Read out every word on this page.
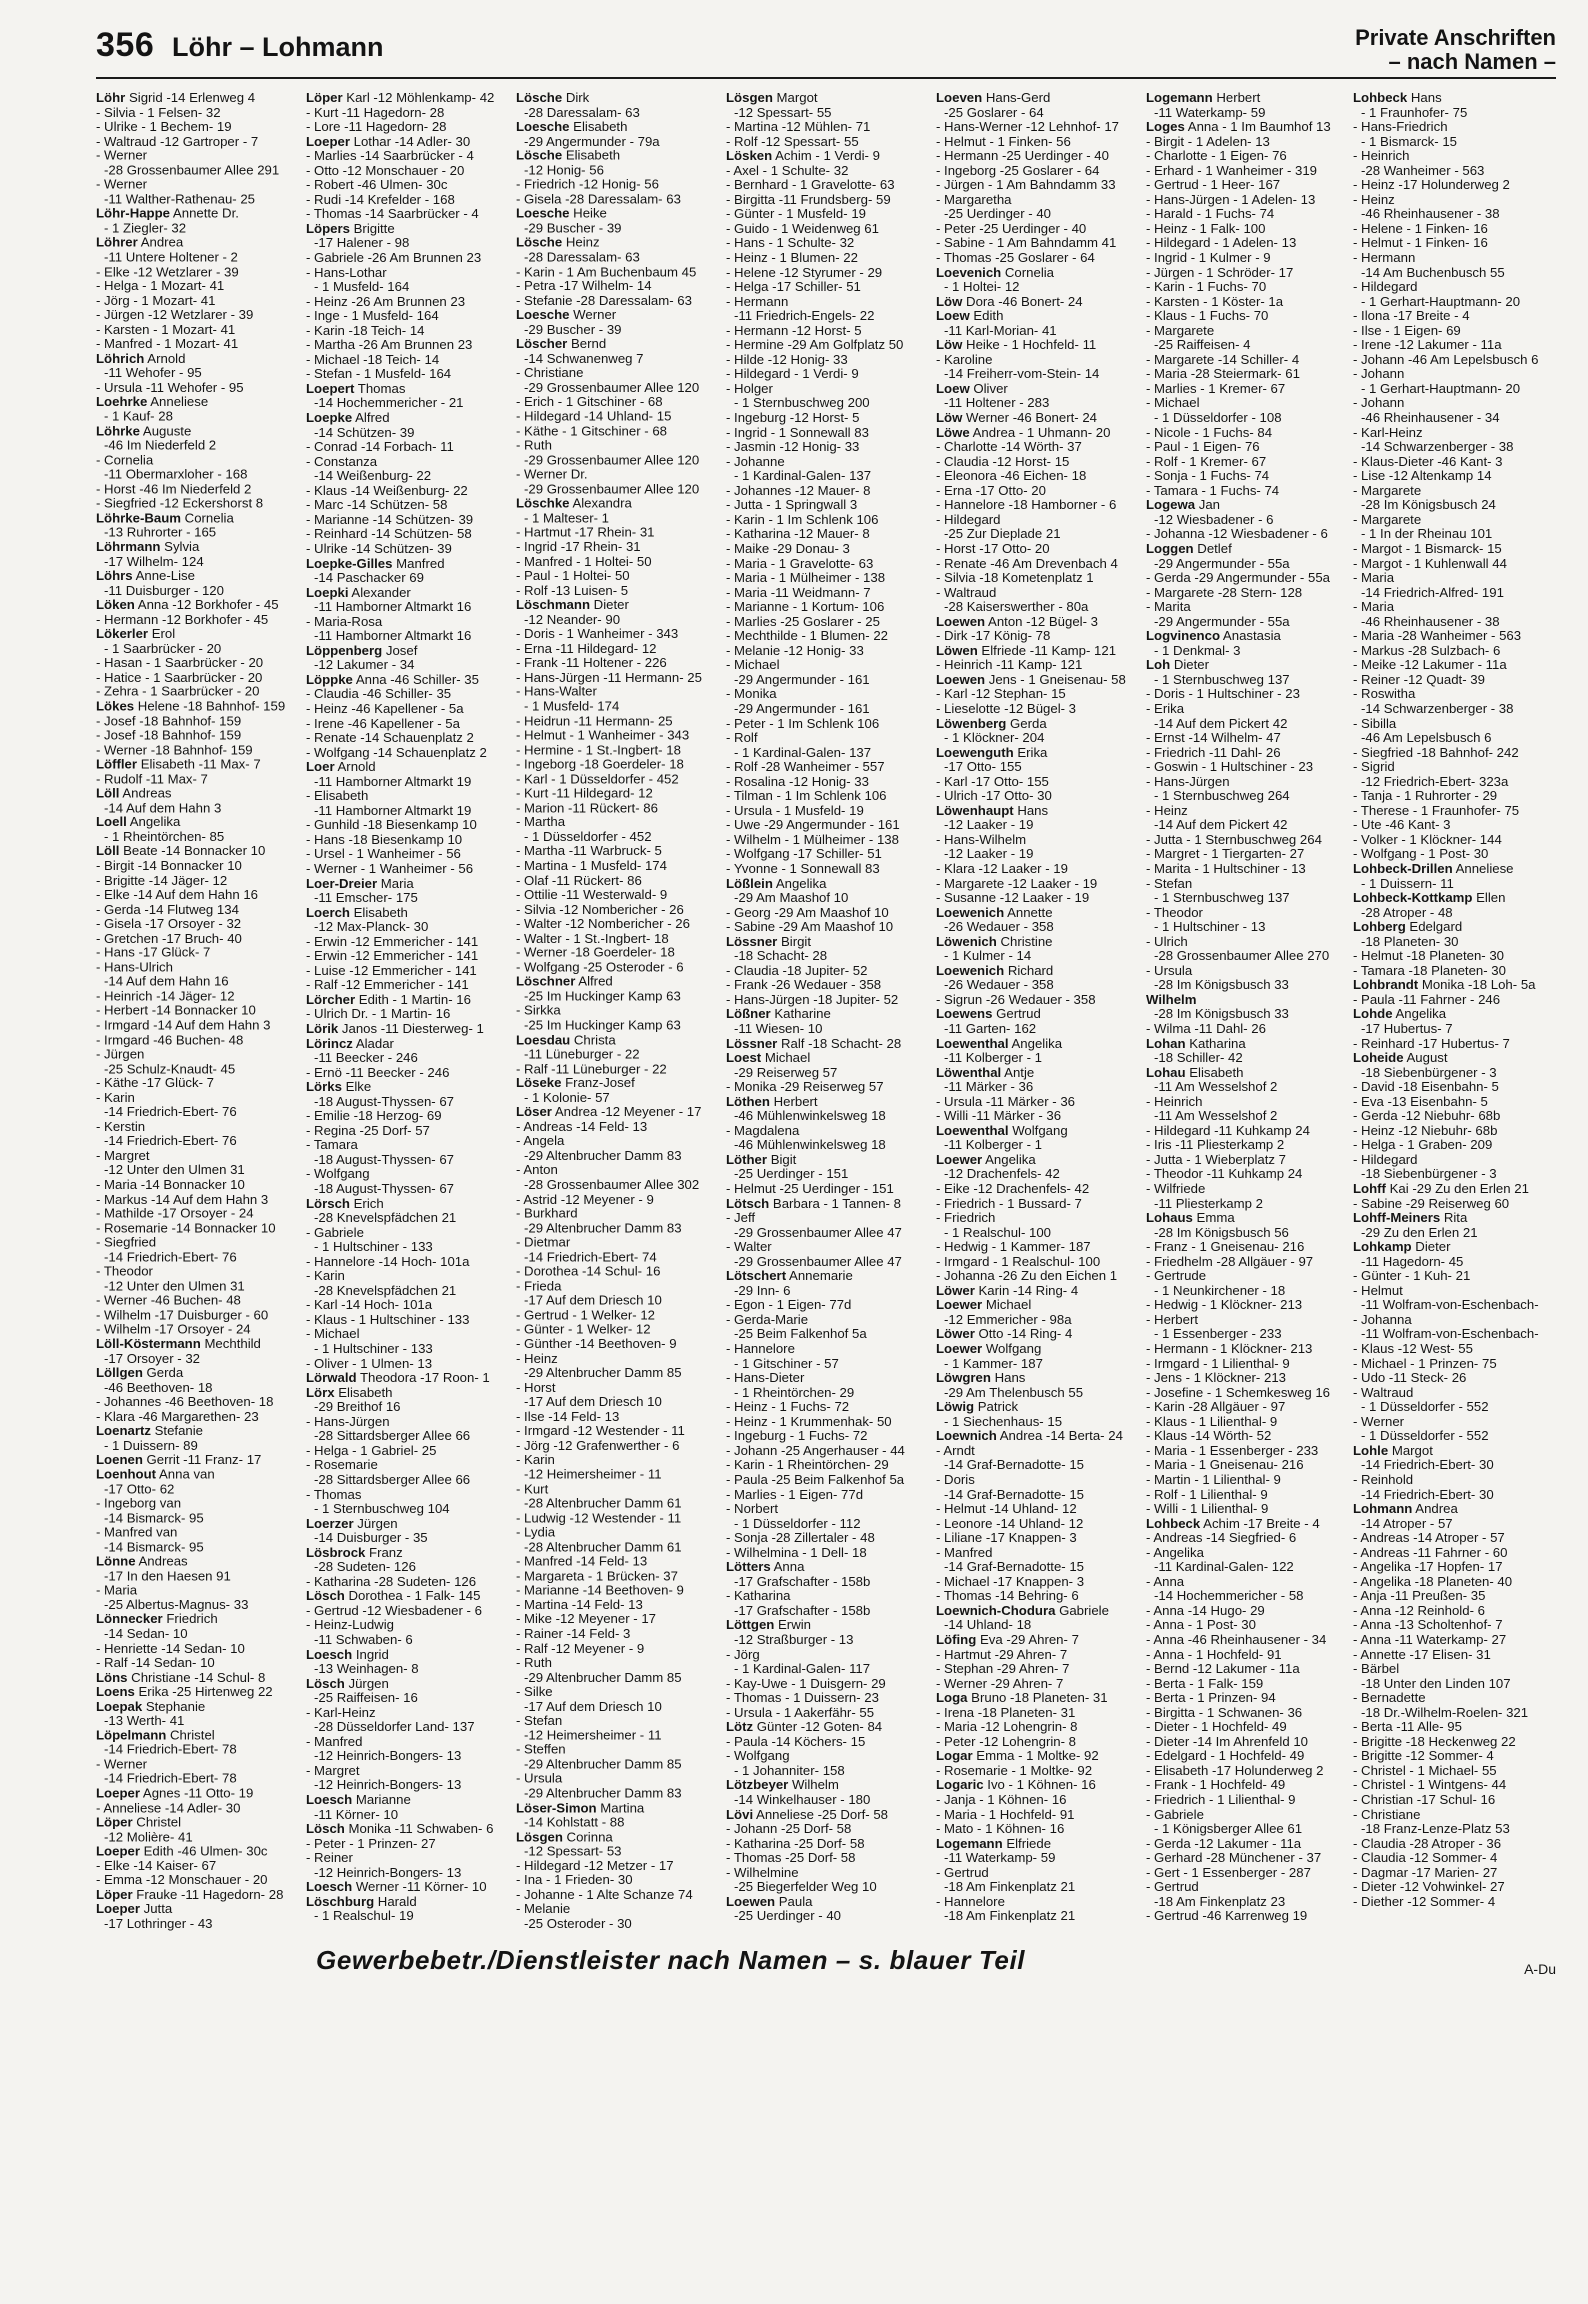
356 Löhr – Lohmann	Private Anschriften
– nach Namen –
Löhr Sigrid -14 Erlenweg 4
- Silvia - 1 Felsen- 32
- Ulrike - 1 Bechem- 19
- Waltraud -12 Gartroper - 7
- Werner
-28 Grossenbaumer Allee 291
- Werner
-11 Walther-Rathenau- 25
Löhr-Happe Annette Dr.
- 1 Ziegler- 32
Löhrer Andrea
-11 Untere Holtener - 2
- Elke -12 Wetzlarer - 39
- Helga - 1 Mozart- 41
- Jörg - 1 Mozart- 41
- Jürgen -12 Wetzlarer - 39
- Karsten - 1 Mozart- 41
- Manfred - 1 Mozart- 41
Löhrich Arnold
-11 Wehofer - 95
- Ursula -11 Wehofer - 95
Loehrke Anneliese
- 1 Kauf- 28
Löhrke Auguste
-46 Im Niederfeld 2
- Cornelia
-11 Obermarxloher - 168
- Horst -46 Im Niederfeld 2
- Siegfried -12 Eckershorst 8
Löhrke-Baum Cornelia
-13 Ruhrorter - 165
Löhrmann Sylvia
-17 Wilhelm- 124
Löhrs Anne-Lise
-11 Duisburger - 120
Löken Anna -12 Borkhofer - 45
- Hermann -12 Borkhofer - 45
Lökerler Erol
- 1 Saarbrücker - 20
- Hasan - 1 Saarbrücker - 20
- Hatice - 1 Saarbrücker - 20
- Zehra - 1 Saarbrücker - 20
Lökes Helene -18 Bahnhof- 159
- Josef -18 Bahnhof- 159
- Josef -18 Bahnhof- 159
- Werner -18 Bahnhof- 159
Löffler Elisabeth -11 Max- 7
- Rudolf -11 Max- 7
Löll Andreas
-14 Auf dem Hahn 3
Loell Angelika
- 1 Rheintörchen- 85
Löll Beate -14 Bonnacker 10
- Birgit -14 Bonnacker 10
- Brigitte -14 Jäger- 12
- Elke -14 Auf dem Hahn 16
- Gerda -14 Flutweg 134
- Gisela -17 Orsoyer - 32
- Gretchen -17 Bruch- 40
- Hans -17 Glück- 7
- Hans-Ulrich
-14 Auf dem Hahn 16
- Heinrich -14 Jäger- 12
- Herbert -14 Bonnacker 10
- Irmgard -14 Auf dem Hahn 3
- Irmgard -46 Buchen- 48
- Jürgen
-25 Schulz-Knaudt- 45
- Käthe -17 Glück- 7
- Karin
-14 Friedrich-Ebert- 76
- Kerstin
-14 Friedrich-Ebert- 76
- Margret
-12 Unter den Ulmen 31
- Maria -14 Bonnacker 10
- Markus -14 Auf dem Hahn 3
- Mathilde -17 Orsoyer - 24
- Rosemarie -14 Bonnacker 10
- Siegfried
-14 Friedrich-Ebert- 76
- Theodor
-12 Unter den Ulmen 31
- Werner -46 Buchen- 48
- Wilhelm -17 Duisburger - 60
- Wilhelm -17 Orsoyer - 24
Löll-Köstermann Mechthild
-17 Orsoyer - 32
Löllgen Gerda
-46 Beethoven- 18
- Johannes -46 Beethoven- 18
- Klara -46 Margarethen- 23
Loenartz Stefanie
- 1 Duissern- 89
Loenen Gerrit -11 Franz- 17
Loenhout Anna van
-17 Otto- 62
- Ingeborg van
-14 Bismarck- 95
- Manfred van
-14 Bismarck- 95
Lönne Andreas
-17 In den Haesen 91
- Maria
-25 Albertus-Magnus- 33
Lönnecker Friedrich
-14 Sedan- 10
- Henriette -14 Sedan- 10
- Ralf -14 Sedan- 10
Löns Christiane -14 Schul- 8
Loens Erika -25 Hirtenweg 22
Loepak Stephanie
-13 Werth- 41
Löpelmann Christel
-14 Friedrich-Ebert- 78
- Werner
-14 Friedrich-Ebert- 78
Loeper Agnes -11 Otto- 19
- Anneliese -14 Adler- 30
Löper Christel
-12 Molière- 41
Loeper Edith -46 Ulmen- 30c
- Elke -14 Kaiser- 67
- Emma -12 Monschauer - 20
Löper Frauke -11 Hagedorn- 28
Loeper Jutta
-17 Lothringer - 43
Löper Karl -12 Möhlenkamp- 42
- Kurt -11 Hagedorn- 28
- Lore -11 Hagedorn- 28
Loeper Lothar -14 Adler- 30
- Marlies -14 Saarbrücker - 4
- Otto -12 Monschauer - 20
- Robert -46 Ulmen- 30c
- Rudi -14 Krefelder - 168
- Thomas -14 Saarbrücker - 4
Löpers Brigitte
-17 Halener - 98
- Gabriele -26 Am Brunnen 23
- Hans-Lothar
- 1 Musfeld- 164
- Heinz -26 Am Brunnen 23
- Inge - 1 Musfeld- 164
- Karin -18 Teich- 14
- Martha -26 Am Brunnen 23
- Michael -18 Teich- 14
- Stefan - 1 Musfeld- 164
Loepert Thomas
-14 Hochemmericher - 21
Loepke Alfred
-14 Schützen- 39
- Conrad -14 Forbach- 11
- Constanza
-14 Weißenburg- 22
- Klaus -14 Weißenburg- 22
- Marc -14 Schützen- 58
- Marianne -14 Schützen- 39
- Reinhard -14 Schützen- 58
- Ulrike -14 Schützen- 39
Loepke-Gilles Manfred
-14 Paschacker 69
Loepki Alexander
-11 Hamborner Altmarkt 16
- Maria-Rosa
-11 Hamborner Altmarkt 16
Löppenberg Josef
-12 Lakumer - 34
Löppke Anna -46 Schiller- 35
- Claudia -46 Schiller- 35
- Heinz -46 Kapellener - 5a
- Irene -46 Kapellener - 5a
- Renate -14 Schauenplatz 2
- Wolfgang -14 Schauenplatz 2
Loer Arnold
-11 Hamborner Altmarkt 19
- Elisabeth
-11 Hamborner Altmarkt 19
- Gunhild -18 Biesenkamp 10
- Hans -18 Biesenkamp 10
- Ursel - 1 Wanheimer - 56
- Werner - 1 Wanheimer - 56
Loer-Dreier Maria
-11 Emscher- 175
Loerch Elisabeth
-12 Max-Planck- 30
- Erwin -12 Emmericher - 141
- Erwin -12 Emmericher - 141
- Luise -12 Emmericher - 141
- Ralf -12 Emmericher - 141
Lörcher Edith - 1 Martin- 16
- Ulrich Dr. - 1 Martin- 16
Lörik Janos -11 Diesterweg- 1
Lörincz Aladar
-11 Beecker - 246
- Ernö -11 Beecker - 246
Lörks Elke
-18 August-Thyssen- 67
- Emilie -18 Herzog- 69
- Regina -25 Dorf- 57
- Tamara
-18 August-Thyssen- 67
- Wolfgang
-18 August-Thyssen- 67
Lörsch Erich
-28 Knevelspfädchen 21
- Gabriele
- 1 Hultschiner - 133
- Hannelore -14 Hoch- 101a
- Karin
-28 Knevelspfädchen 21
- Karl -14 Hoch- 101a
- Klaus - 1 Hultschiner - 133
- Michael
- 1 Hultschiner - 133
- Oliver - 1 Ulmen- 13
Lörwald Theodora -17 Roon- 1
Lörx Elisabeth
-29 Breithof 16
- Hans-Jürgen
-28 Sittardsberger Allee 66
- Helga - 1 Gabriel- 25
- Rosemarie
-28 Sittardsberger Allee 66
- Thomas
- 1 Sternbuschweg 104
Loerzer Jürgen
-14 Duisburger - 35
Lösbrock Franz
-28 Sudeten- 126
- Katharina -28 Sudeten- 126
Lösch Dorothea - 1 Falk- 145
- Gertrud -12 Wiesbadener - 6
- Heinz-Ludwig
-11 Schwaben- 6
Loesch Ingrid
-13 Weinhagen- 8
Lösch Jürgen
-25 Raiffeisen- 16
- Karl-Heinz
-28 Düsseldorfer Land- 137
- Manfred
-12 Heinrich-Bongers- 13
- Margret
-12 Heinrich-Bongers- 13
Loesch Marianne
-11 Körner- 10
Lösch Monika -11 Schwaben- 6
- Peter - 1 Prinzen- 27
- Reiner
-12 Heinrich-Bongers- 13
Loesch Werner -11 Körner- 10
Löschburg Harald
- 1 Realschul- 19
Lösche Dirk
-28 Daressalam- 63
Loesche Elisabeth
-29 Angermunder - 79a
Lösche Elisabeth
-12 Honig- 56
- Friedrich -12 Honig- 56
- Gisela -28 Daressalam- 63
Loesche Heike
-29 Buscher - 39
Lösche Heinz
-28 Daressalam- 63
- Karin - 1 Am Buchenbaum 45
- Petra -17 Wilhelm- 14
- Stefanie -28 Daressalam- 63
Loesche Werner
-29 Buscher - 39
Löscher Bernd
-14 Schwanenweg 7
- Christiane
-29 Grossenbaumer Allee 120
- Erich - 1 Gitschiner - 68
- Hildegard -14 Uhland- 15
- Käthe - 1 Gitschiner - 68
- Ruth
-29 Grossenbaumer Allee 120
- Werner Dr.
-29 Grossenbaumer Allee 120
Löschke Alexandra
- 1 Malteser- 1
- Hartmut -17 Rhein- 31
- Ingrid -17 Rhein- 31
- Manfred - 1 Holtei- 50
- Paul - 1 Holtei- 50
- Rolf -13 Luisen- 5
Löschmann Dieter
-12 Neander- 90
- Doris - 1 Wanheimer - 343
- Erna -11 Hildegard- 12
- Frank -11 Holtener - 226
- Hans-Jürgen -11 Hermann- 25
- Hans-Walter
- 1 Musfeld- 174
- Heidrun -11 Hermann- 25
- Helmut - 1 Wanheimer - 343
- Hermine - 1 St.-Ingbert- 18
- Ingeborg -18 Goerdeler- 18
- Karl - 1 Düsseldorfer - 452
- Kurt -11 Hildegard- 12
- Marion -11 Rückert- 86
- Martha
- 1 Düsseldorfer - 452
- Martha -11 Warbruck- 5
- Martina - 1 Musfeld- 174
- Olaf -11 Rückert- 86
- Ottilie -11 Westerwald- 9
- Silvia -12 Nombericher - 26
- Walter -12 Nombericher - 26
- Walter - 1 St.-Ingbert- 18
- Werner -18 Goerdeler- 18
- Wolfgang -25 Osteroder - 6
Löschner Alfred
-25 Im Huckinger Kamp 63
- Sirkka
-25 Im Huckinger Kamp 63
Loesdau Christa
-11 Lüneburger - 22
- Ralf -11 Lüneburger - 22
Löseke Franz-Josef
- 1 Kolonie- 57
Löser Andrea -12 Meyener - 17
- Andreas -14 Feld- 13
- Angela
-29 Altenbrucher Damm 83
- Anton
-28 Grossenbaumer Allee 302
- Astrid -12 Meyener - 9
- Burkhard
-29 Altenbrucher Damm 83
- Dietmar
-14 Friedrich-Ebert- 74
- Dorothea -14 Schul- 16
- Frieda
-17 Auf dem Driesch 10
- Gertrud - 1 Welker- 12
- Günter - 1 Welker- 12
- Günther -14 Beethoven- 9
- Heinz
-29 Altenbrucher Damm 85
- Horst
-17 Auf dem Driesch 10
- Ilse -14 Feld- 13
- Irmgard -12 Westender - 11
- Jörg -12 Grafenwerther - 6
- Karin
-12 Heimersheimer - 11
- Kurt
-28 Altenbrucher Damm 61
- Ludwig -12 Westender - 11
- Lydia
-28 Altenbrucher Damm 61
- Manfred -14 Feld- 13
- Margareta - 1 Brücken- 37
- Marianne -14 Beethoven- 9
- Martina -14 Feld- 13
- Mike -12 Meyener - 17
- Rainer -14 Feld- 3
- Ralf -12 Meyener - 9
- Ruth
-29 Altenbrucher Damm 85
- Silke
-17 Auf dem Driesch 10
- Stefan
-12 Heimersheimer - 11
- Steffen
-29 Altenbrucher Damm 85
- Ursula
-29 Altenbrucher Damm 83
Löser-Simon Martina
-14 Kohlstatt - 88
Lösgen Corinna
-12 Spessart- 53
- Hildegard -12 Metzer - 17
- Ina - 1 Frieden- 30
- Johanne - 1 Alte Schanze 74
- Melanie
-25 Osteroder - 30
Lösgen Margot
-12 Spessart- 55
- Martina -12 Mühlen- 71
- Rolf -12 Spessart- 55
Lösken Achim - 1 Verdi- 9
- Axel - 1 Schulte- 32
- Bernhard - 1 Gravelotte- 63
- Birgitta -11 Frundsberg- 59
- Günter - 1 Musfeld- 19
- Guido - 1 Weidenweg 61
- Hans - 1 Schulte- 32
- Heinz - 1 Blumen- 22
- Helene -12 Styrumer - 29
- Helga -17 Schiller- 51
- Hermann
-11 Friedrich-Engels- 22
- Hermann -12 Horst- 5
- Hermine -29 Am Golfplatz 50
- Hilde -12 Honig- 33
- Hildegard - 1 Verdi- 9
- Holger
- 1 Sternbuschweg 200
- Ingeburg -12 Horst- 5
- Ingrid - 1 Sonnewall 83
- Jasmin -12 Honig- 33
- Johanne
- 1 Kardinal-Galen- 137
- Johannes -12 Mauer- 8
- Jutta - 1 Springwall 3
- Karin - 1 Im Schlenk 106
- Katharina -12 Mauer- 8
- Maike -29 Donau- 3
- Maria - 1 Gravelotte- 63
- Maria - 1 Mülheimer - 138
- Maria -11 Weidmann- 7
- Marianne - 1 Kortum- 106
- Marlies -25 Goslarer - 25
- Mechthilde - 1 Blumen- 22
- Melanie -12 Honig- 33
- Michael
-29 Angermunder - 161
- Monika
-29 Angermunder - 161
- Peter - 1 Im Schlenk 106
- Rolf
- 1 Kardinal-Galen- 137
- Rolf -28 Wanheimer - 557
- Rosalina -12 Honig- 33
- Tilman - 1 Im Schlenk 106
- Ursula - 1 Musfeld- 19
- Uwe -29 Angermunder - 161
- Wilhelm - 1 Mülheimer - 138
- Wolfgang -17 Schiller- 51
- Yvonne - 1 Sonnewall 83
Lößlein Angelika
-29 Am Maashof 10
- Georg -29 Am Maashof 10
- Sabine -29 Am Maashof 10
Lössner Birgit
-18 Schacht- 28
- Claudia -18 Jupiter- 52
- Frank -26 Wedauer - 358
- Hans-Jürgen -18 Jupiter- 52
Lößner Katharine
-11 Wiesen- 10
Lössner Ralf -18 Schacht- 28
Loest Michael
-29 Reiserweg 57
- Monika -29 Reiserweg 57
Löthen Herbert
-46 Mühlenwinkelsweg 18
- Magdalena
-46 Mühlenwinkelsweg 18
Löther Bigit
-25 Uerdinger - 151
- Helmut -25 Uerdinger - 151
Lötsch Barbara - 1 Tannen- 8
- Jeff
-29 Grossenbaumer Allee 47
- Walter
-29 Grossenbaumer Allee 47
Lötschert Annemarie
-29 Inn- 6
- Egon - 1 Eigen- 77d
- Gerda-Marie
-25 Beim Falkenhof 5a
- Hannelore
- 1 Gitschiner - 57
- Hans-Dieter
- 1 Rheintörchen- 29
- Heinz - 1 Fuchs- 72
- Heinz - 1 Krummenhak- 50
- Ingeburg - 1 Fuchs- 72
- Johann -25 Angerhauser - 44
- Karin - 1 Rheintörchen- 29
- Paula -25 Beim Falkenhof 5a
- Marlies - 1 Eigen- 77d
- Norbert
- 1 Düsseldorfer - 112
- Sonja -28 Zillertaler - 48
- Wilhelmina - 1 Dell- 18
Lötters Anna
-17 Grafschafter - 158b
- Katharina
-17 Grafschafter - 158b
Löttgen Erwin
-12 Straßburger - 13
- Jörg
- 1 Kardinal-Galen- 117
- Kay-Uwe - 1 Duisgern- 29
- Thomas - 1 Duissern- 23
- Ursula - 1 Aakerfähr- 55
Lötz Günter -12 Goten- 84
- Paula -14 Köchers- 15
- Wolfgang
- 1 Johanniter- 158
Lötzbeyer Wilhelm
-14 Winkelhauser - 180
Lövi Anneliese -25 Dorf- 58
- Johann -25 Dorf- 58
- Katharina -25 Dorf- 58
- Thomas -25 Dorf- 58
- Wilhelmine
-25 Biegerfelder Weg 10
Loewen Paula
-25 Uerdinger - 40
Loeven Hans-Gerd
-25 Goslarer - 64
- Hans-Werner -12 Lehnhof- 17
- Helmut - 1 Finken- 56
- Hermann -25 Uerdinger - 40
- Ingeborg -25 Goslarer - 64
- Jürgen - 1 Am Bahndamm 33
- Margaretha
-25 Uerdinger - 40
- Peter -25 Uerdinger - 40
- Sabine - 1 Am Bahndamm 41
- Thomas -25 Goslarer - 64
Loevenich Cornelia
- 1 Holtei- 12
Löw Dora -46 Bonert- 24
Loew Edith
-11 Karl-Morian- 41
Löw Heike - 1 Hochfeld- 11
- Karoline
-14 Freiherr-vom-Stein- 14
Loew Oliver
-11 Holtener - 283
Löw Werner -46 Bonert- 24
Löwe Andrea - 1 Uhmann- 20
- Charlotte -14 Wörth- 37
- Claudia -12 Horst- 15
- Eleonora -46 Eichen- 18
- Erna -17 Otto- 20
- Hannelore -18 Hamborner - 6
- Hildegard
-25 Zur Dieplade 21
- Horst -17 Otto- 20
- Renate -46 Am Drevenbach 4
- Silvia -18 Kometenplatz 1
- Waltraud
-28 Kaiserswerther - 80a
Loewen Anton -12 Bügel- 3
- Dirk -17 König- 78
Löwen Elfriede -11 Kamp- 121
- Heinrich -11 Kamp- 121
Loewen Jens - 1 Gneisenau- 58
- Karl -12 Stephan- 15
- Lieselotte -12 Bügel- 3
Löwenberg Gerda
- 1 Klöckner- 204
Loewenguth Erika
-17 Otto- 155
- Karl -17 Otto- 155
- Ulrich -17 Otto- 30
Löwenhaupt Hans
-12 Laaker - 19
- Hans-Wilhelm
-12 Laaker - 19
- Klara -12 Laaker - 19
- Margarete -12 Laaker - 19
- Susanne -12 Laaker - 19
Loewenich Annette
-26 Wedauer - 358
Löwenich Christine
- 1 Kulmer - 14
Loewenich Richard
-26 Wedauer - 358
- Sigrun -26 Wedauer - 358
Loewens Gertrud
-11 Garten- 162
Loewenthal Angelika
-11 Kolberger - 1
Löwenthal Antje
-11 Märker - 36
- Ursula -11 Märker - 36
- Willi -11 Märker - 36
Loewenthal Wolfgang
-11 Kolberger - 1
Loewer Angelika
-12 Drachenfels- 42
- Eike -12 Drachenfels- 42
- Friedrich - 1 Bussard- 7
- Friedrich
- 1 Realschul- 100
- Hedwig - 1 Kammer- 187
- Irmgard - 1 Realschul- 100
- Johanna -26 Zu den Eichen 1
Löwer Karin -14 Ring- 4
Loewer Michael
-12 Emmericher - 98a
Löwer Otto -14 Ring- 4
Loewer Wolfgang
- 1 Kammer- 187
Löwgren Hans
-29 Am Thelenbusch 55
Löwig Patrick
- 1 Siechenhaus- 15
Loewnich Andrea -14 Berta- 24
- Arndt
-14 Graf-Bernadotte- 15
- Doris
-14 Graf-Bernadotte- 15
- Helmut -14 Uhland- 12
- Leonore -14 Uhland- 12
- Liliane -17 Knappen- 3
- Manfred
-14 Graf-Bernadotte- 15
- Michael -17 Knappen- 3
- Thomas -14 Behring- 6
Loewnich-Chodura Gabriele
-14 Uhland- 18
Löfing Eva -29 Ahren- 7
- Hartmut -29 Ahren- 7
- Stephan -29 Ahren- 7
- Werner -29 Ahren- 7
Loga Bruno -18 Planeten- 31
- Irena -18 Planeten- 31
- Maria -12 Lohengrin- 8
- Peter -12 Lohengrin- 8
Logar Emma - 1 Moltke- 92
- Rosemarie - 1 Moltke- 92
Logaric Ivo - 1 Köhnen- 16
- Janja - 1 Köhnen- 16
- Maria - 1 Hochfeld- 91
- Mato - 1 Köhnen- 16
Logemann Elfriede
-11 Waterkamp- 59
- Gertrud
-18 Am Finkenplatz 21
- Hannelore
-18 Am Finkenplatz 21
Logemann Herbert
-11 Waterkamp- 59
Loges Anna - 1 Im Baumhof 13
- Birgit - 1 Adelen- 13
- Charlotte - 1 Eigen- 76
- Erhard - 1 Wanheimer - 319
- Gertrud - 1 Heer- 167
- Hans-Jürgen - 1 Adelen- 13
- Harald - 1 Fuchs- 74
- Heinz - 1 Falk- 100
- Hildegard - 1 Adelen- 13
- Ingrid - 1 Kulmer - 9
- Jürgen - 1 Schröder- 17
- Karin - 1 Fuchs- 70
- Karsten - 1 Köster- 1a
- Klaus - 1 Fuchs- 70
- Margarete
-25 Raiffeisen- 4
- Margarete -14 Schiller- 4
- Maria -28 Steiermark- 61
- Marlies - 1 Kremer- 67
- Michael
- 1 Düsseldorfer - 108
- Nicole - 1 Fuchs- 84
- Paul - 1 Eigen- 76
- Rolf - 1 Kremer- 67
- Sonja - 1 Fuchs- 74
- Tamara - 1 Fuchs- 74
Logewa Jan
-12 Wiesbadener - 6
- Johanna -12 Wiesbadener - 6
Loggen Detlef
-29 Angermunder - 55a
- Gerda -29 Angermunder - 55a
- Margarete -28 Stern- 128
- Marita
-29 Angermunder - 55a
Logvinenco Anastasia
- 1 Denkmal- 3
Loh Dieter
- 1 Sternbuschweg 137
- Doris - 1 Hultschiner - 23
- Erika
-14 Auf dem Pickert 42
- Ernst -14 Wilhelm- 47
- Friedrich -11 Dahl- 26
- Goswin - 1 Hultschiner - 23
- Hans-Jürgen
- 1 Sternbuschweg 264
- Heinz
-14 Auf dem Pickert 42
- Jutta - 1 Sternbuschweg 264
- Margret - 1 Tiergarten- 27
- Marita - 1 Hultschiner - 13
- Stefan
- 1 Sternbuschweg 137
- Theodor
- 1 Hultschiner - 13
- Ulrich
-28 Grossenbaumer Allee 270
- Ursula
-28 Im Königsbusch 33
Wilhelm
-28 Im Königsbusch 33
- Wilma -11 Dahl- 26
Lohan Katharina
-18 Schiller- 42
Lohau Elisabeth
-11 Am Wesselshof 2
- Heinrich
-11 Am Wesselshof 2
- Hildegard -11 Kuhkamp 24
- Iris -11 Pliesterkamp 2
- Jutta - 1 Wieberplatz 7
- Theodor -11 Kuhkamp 24
- Wilfriede
-11 Pliesterkamp 2
Lohaus Emma
-28 Im Königsbusch 56
- Franz - 1 Gneisenau- 216
- Friedhelm -28 Allgäuer - 97
- Gertrude
- 1 Neunkirchener - 18
- Hedwig - 1 Klöckner- 213
- Herbert
- 1 Essenberger - 233
- Hermann - 1 Klöckner- 213
- Irmgard - 1 Lilienthal- 9
- Jens - 1 Klöckner- 213
- Josefine - 1 Schemkesweg 16
- Karin -28 Allgäuer - 97
- Klaus - 1 Lilienthal- 9
- Klaus -14 Wörth- 52
- Maria - 1 Essenberger - 233
- Maria - 1 Gneisenau- 216
- Martin - 1 Lilienthal- 9
- Rolf - 1 Lilienthal- 9
- Willi - 1 Lilienthal- 9
Lohbeck Achim -17 Breite - 4
- Andreas -14 Siegfried- 6
- Angelika
-11 Kardinal-Galen- 122
- Anna
-14 Hochemmericher - 58
- Anna -14 Hugo- 29
- Anna - 1 Post- 30
- Anna -46 Rheinhausener - 34
- Anna - 1 Hochfeld- 91
- Bernd -12 Lakumer - 11a
- Berta - 1 Falk- 159
- Berta - 1 Prinzen- 94
- Birgitta - 1 Schwanen- 36
- Dieter - 1 Hochfeld- 49
- Dieter -14 Im Ahrenfeld 10
- Edelgard - 1 Hochfeld- 49
- Elisabeth -17 Holunderweg 2
- Frank - 1 Hochfeld- 49
- Friedrich - 1 Lilienthal- 9
- Gabriele
- 1 Königsberger Allee 61
- Gerda -12 Lakumer - 11a
- Gerhard -28 Münchener - 37
- Gert - 1 Essenberger - 287
- Gertrud
-18 Am Finkenplatz 23
- Gertrud -46 Karrenweg 19
Lohbeck Hans
- 1 Fraunhofer- 75
- Hans-Friedrich
- 1 Bismarck- 15
- Heinrich
-28 Wanheimer - 563
- Heinz -17 Holunderweg 2
- Heinz
-46 Rheinhausener - 38
- Helene - 1 Finken- 16
- Helmut - 1 Finken- 16
- Hermann
-14 Am Buchenbusch 55
- Hildegard
- 1 Gerhart-Hauptmann- 20
- Ilona -17 Breite - 4
- Ilse - 1 Eigen- 69
- Irene -12 Lakumer - 11a
- Johann -46 Am Lepelsbusch 6
- Johann
- 1 Gerhart-Hauptmann- 20
- Johann
-46 Rheinhausener - 34
- Karl-Heinz
-14 Schwarzenberger - 38
- Klaus-Dieter -46 Kant- 3
- Lise -12 Altenkamp 14
- Margarete
-28 Im Königsbusch 24
- Margarete
- 1 In der Rheinau 101
- Margot - 1 Bismarck- 15
- Margot - 1 Kuhlenwall 44
- Maria
-14 Friedrich-Alfred- 191
- Maria
-46 Rheinhausener - 38
- Maria -28 Wanheimer - 563
- Markus -28 Sulzbach- 6
- Meike -12 Lakumer - 11a
- Reiner -12 Quadt- 39
- Roswitha
-14 Schwarzenberger - 38
- Sibilla
-46 Am Lepelsbusch 6
- Siegfried -18 Bahnhof- 242
- Sigrid
-12 Friedrich-Ebert- 323a
- Tanja - 1 Ruhrorter - 29
- Therese - 1 Fraunhofer- 75
- Ute -46 Kant- 3
- Volker - 1 Klöckner- 144
- Wolfgang - 1 Post- 30
Lohbeck-Drillen Anneliese
- 1 Duissern- 11
Lohbeck-Kottkamp Ellen
-28 Atroper - 48
Lohberg Edelgard
-18 Planeten- 30
- Helmut -18 Planeten- 30
- Tamara -18 Planeten- 30
Lohbrandt Monika -18 Loh- 5a
- Paula -11 Fahrner - 246
Lohde Angelika
-17 Hubertus- 7
- Reinhard -17 Hubertus- 7
Loheide August
-18 Siebenbürgener - 3
- David -18 Eisenbahn- 5
- Eva -13 Eisenbahn- 5
- Gerda -12 Niebuhr- 68b
- Heinz -12 Niebuhr- 68b
- Helga - 1 Graben- 209
- Hildegard
-18 Siebenbürgener - 3
Lohff Kai -29 Zu den Erlen 21
- Sabine -29 Reiserweg 60
Lohff-Meiners Rita
-29 Zu den Erlen 21
Lohkamp Dieter
-11 Hagedorn- 45
- Günter - 1 Kuh- 21
- Helmut
-11 Wolfram-von-Eschenbach-
- Johanna
-11 Wolfram-von-Eschenbach-
- Klaus -12 West- 55
- Michael - 1 Prinzen- 75
- Udo -11 Steck- 26
- Waltraud
- 1 Düsseldorfer - 552
- Werner
- 1 Düsseldorfer - 552
Lohle Margot
-14 Friedrich-Ebert- 30
- Reinhold
-14 Friedrich-Ebert- 30
Lohmann Andrea
-14 Atroper - 57
- Andreas -14 Atroper - 57
- Andreas -11 Fahrner - 60
- Angelika -17 Hopfen- 17
- Angelika -18 Planeten- 40
- Anja -11 Preußen- 35
- Anna -12 Reinhold- 6
- Anna -13 Scholtenhof- 7
- Anna -11 Waterkamp- 27
- Annette -17 Elisen- 31
- Bärbel
-18 Unter den Linden 107
- Bernadette
-18 Dr.-Wilhelm-Roelen- 321
- Berta -11 Alle- 95
- Brigitte -18 Heckenweg 22
- Brigitte -12 Sommer- 4
- Christel - 1 Michael- 55
- Christel - 1 Wintgens- 44
- Christian -17 Schul- 16
- Christiane
-18 Franz-Lenze-Platz 53
- Claudia -28 Atroper - 36
- Claudia -12 Sommer- 4
- Dagmar -17 Marien- 27
- Dieter -12 Vohwinkel- 27
- Diether -12 Sommer- 4
Gewerbebetr./Dienstleister nach Namen – s. blauer Teil	A-Du
